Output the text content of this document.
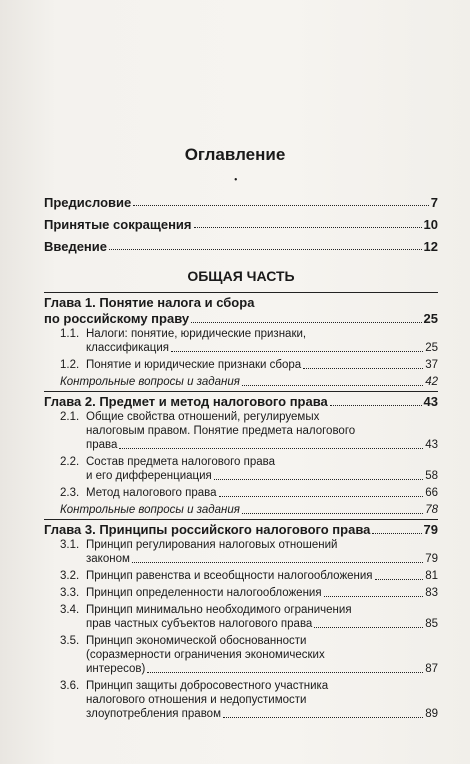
•
Оглавление
Предисловие	7
Принятые сокращения	10
Введение	12
ОБЩАЯ ЧАСТЬ
Глава 1. Понятие налога и сбора
по российскому праву	25
1.1. Налоги: понятие, юридические признаки,
классификация	25
1.2. Понятие и юридические признаки сбора	37
Контрольные вопросы и задания	42
Глава 2. Предмет и метод налогового права	43
2.1. Общие свойства отношений, регулируемых
налоговым правом. Понятие предмета налогового
права	43
2.2. Состав предмета налогового права
и его дифференциация	58
2.3. Метод налогового права	66
Контрольные вопросы и задания	78
Глава 3. Принципы российского налогового права	79
3.1. Принцип регулирования налоговых отношений
законом	79
3.2. Принцип равенства и всеобщности налогообложения	81
3.3. Принцип определенности налогообложения	83
3.4. Принцип минимально необходимого ограничения
прав частных субъектов налогового права	85
3.5. Принцип экономической обоснованности
(соразмерности ограничения экономических
интересов)	87
3.6. Принцип защиты добросовестного участника
налогового отношения и недопустимости
злоупотребления правом	89
